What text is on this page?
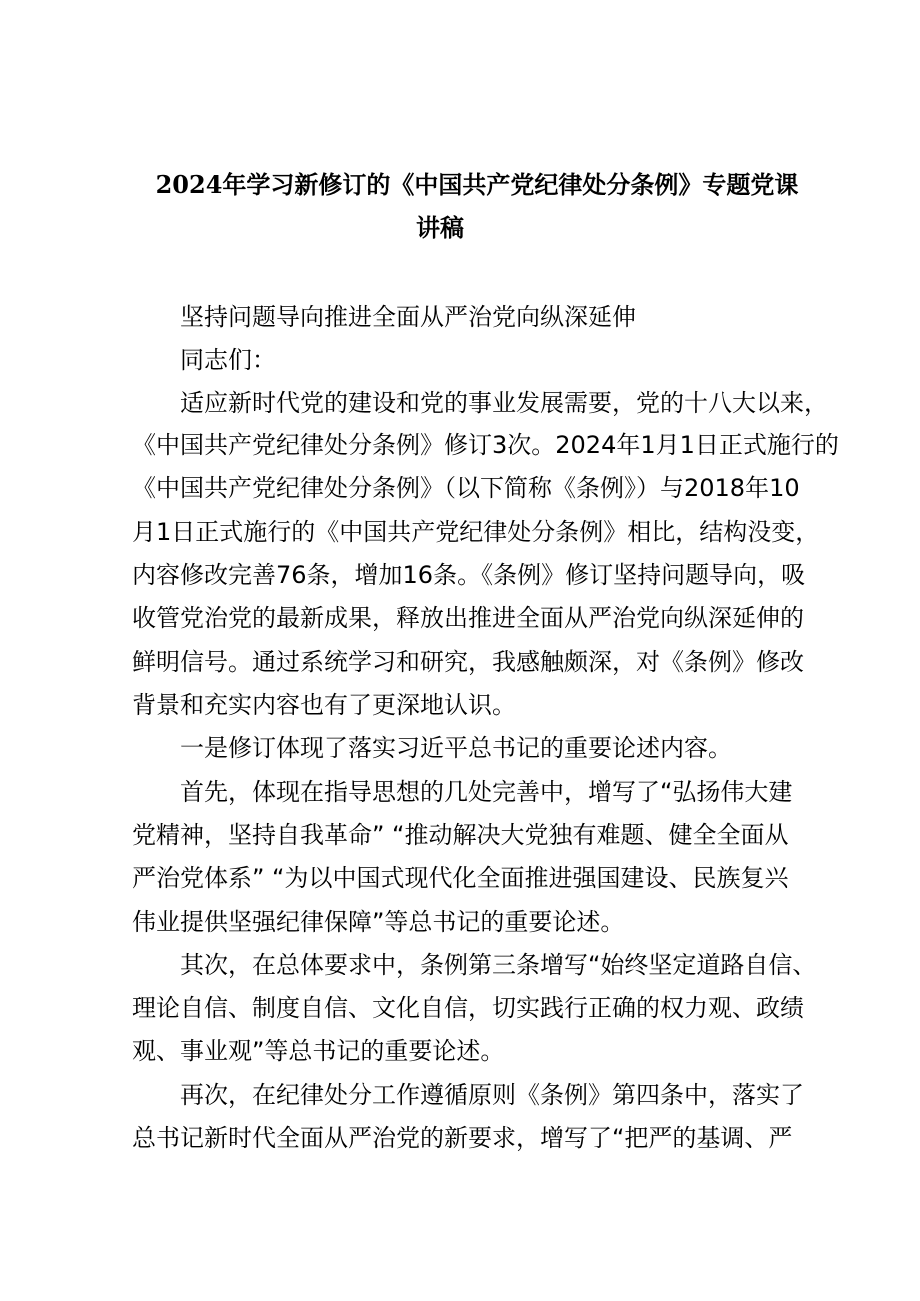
2024年学习新修订的《中国共产党纪律处分条例》专题党课
讲稿
坚持问题导向推进全面从严治党向纵深延伸
同志们：
适应新时代党的建设和党的事业发展需要，党的十八大以来，
《中国共产党纪律处分条例》修订3次。2024年1月1日正式施行的
《中国共产党纪律处分条例》（以下简称《条例》）与2018年10
月1日正式施行的《中国共产党纪律处分条例》相比，结构没变，
内容修改完善76条，增加16条。《条例》修订坚持问题导向，吸
收管党治党的最新成果，释放出推进全面从严治党向纵深延伸的
鲜明信号。通过系统学习和研究，我感触颇深，对《条例》修改
背景和充实内容也有了更深地认识。
一是修订体现了落实习近平总书记的重要论述内容。
首先，体现在指导思想的几处完善中，增写了“弘扬伟大建
党精神，坚持自我革命” “推动解决大党独有难题、健全全面从
严治党体系” “为以中国式现代化全面推进强国建设、民族复兴
伟业提供坚强纪律保障”等总书记的重要论述。
其次，在总体要求中，条例第三条增写“始终坚定道路自信、
理论自信、制度自信、文化自信，切实践行正确的权力观、政绩
观、事业观”等总书记的重要论述。
再次，在纪律处分工作遵循原则《条例》第四条中，落实了
总书记新时代全面从严治党的新要求，增写了“把严的基调、严
